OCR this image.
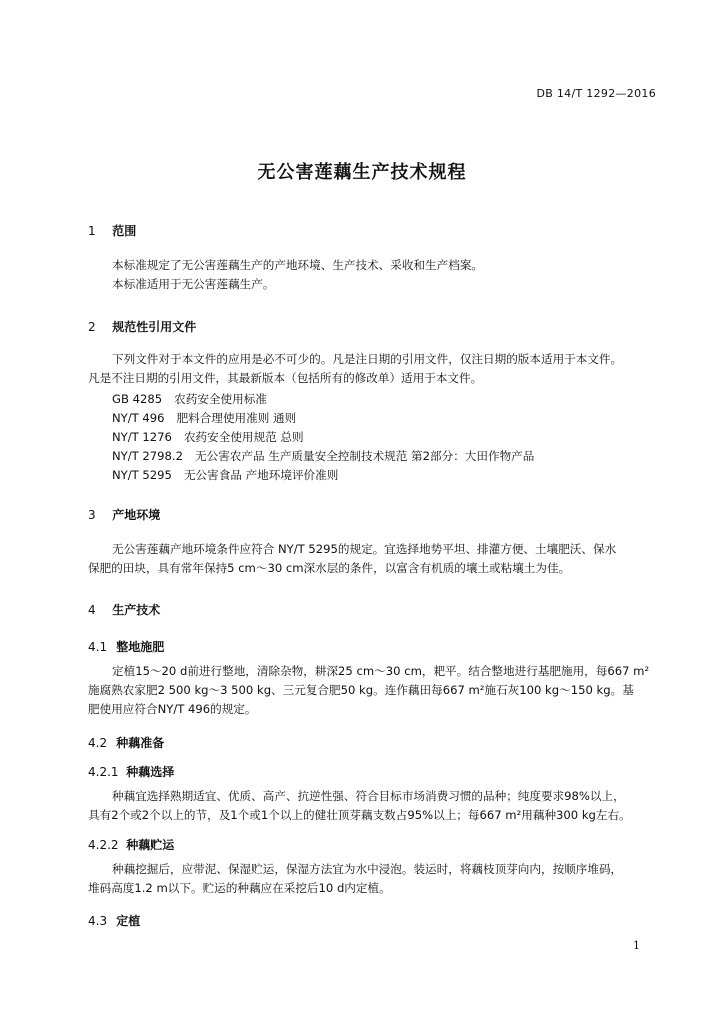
DB 14/T 1292—2016
无公害莲藕生产技术规程
1 范围
本标准规定了无公害莲藕生产的产地环境、生产技术、采收和生产档案。
本标准适用于无公害莲藕生产。
2 规范性引用文件
下列文件对于本文件的应用是必不可少的。凡是注日期的引用文件，仅注日期的版本适用于本文件。
凡是不注日期的引用文件，其最新版本（包括所有的修改单）适用于本文件。
GB 4285 农药安全使用标准
NY/T 496 肥料合理使用准则 通则
NY/T 1276 农药安全使用规范 总则
NY/T 2798.2 无公害农产品 生产质量安全控制技术规范 第2部分：大田作物产品
NY/T 5295 无公害食品 产地环境评价准则
3 产地环境
无公害莲藕产地环境条件应符合 NY/T 5295的规定。宜选择地势平坦、排灌方便、土壤肥沃、保水
保肥的田块，具有常年保持5 cm～30 cm深水层的条件，以富含有机质的壤土或粘壤土为佳。
4 生产技术
4.1 整地施肥
定植15～20 d前进行整地，清除杂物，耕深25 cm～30 cm，耙平。结合整地进行基肥施用，每667 m²
施腐熟农家肥2 500 kg～3 500 kg、三元复合肥50 kg。连作藕田每667 m²施石灰100 kg～150 kg。基
肥使用应符合NY/T 496的规定。
4.2 种藕准备
4.2.1 种藕选择
种藕宜选择熟期适宜、优质、高产、抗逆性强、符合目标市场消费习惯的品种；纯度要求98%以上，
具有2个或2个以上的节，及1个或1个以上的健壮顶芽藕支数占95%以上；每667 m²用藕种300 kg左右。
4.2.2 种藕贮运
种藕挖掘后，应带泥、保湿贮运，保湿方法宜为水中浸泡。装运时，将藕枝顶芽向内，按顺序堆码，
堆码高度1.2 m以下。贮运的种藕应在采挖后10 d内定植。
4.3 定植
1
